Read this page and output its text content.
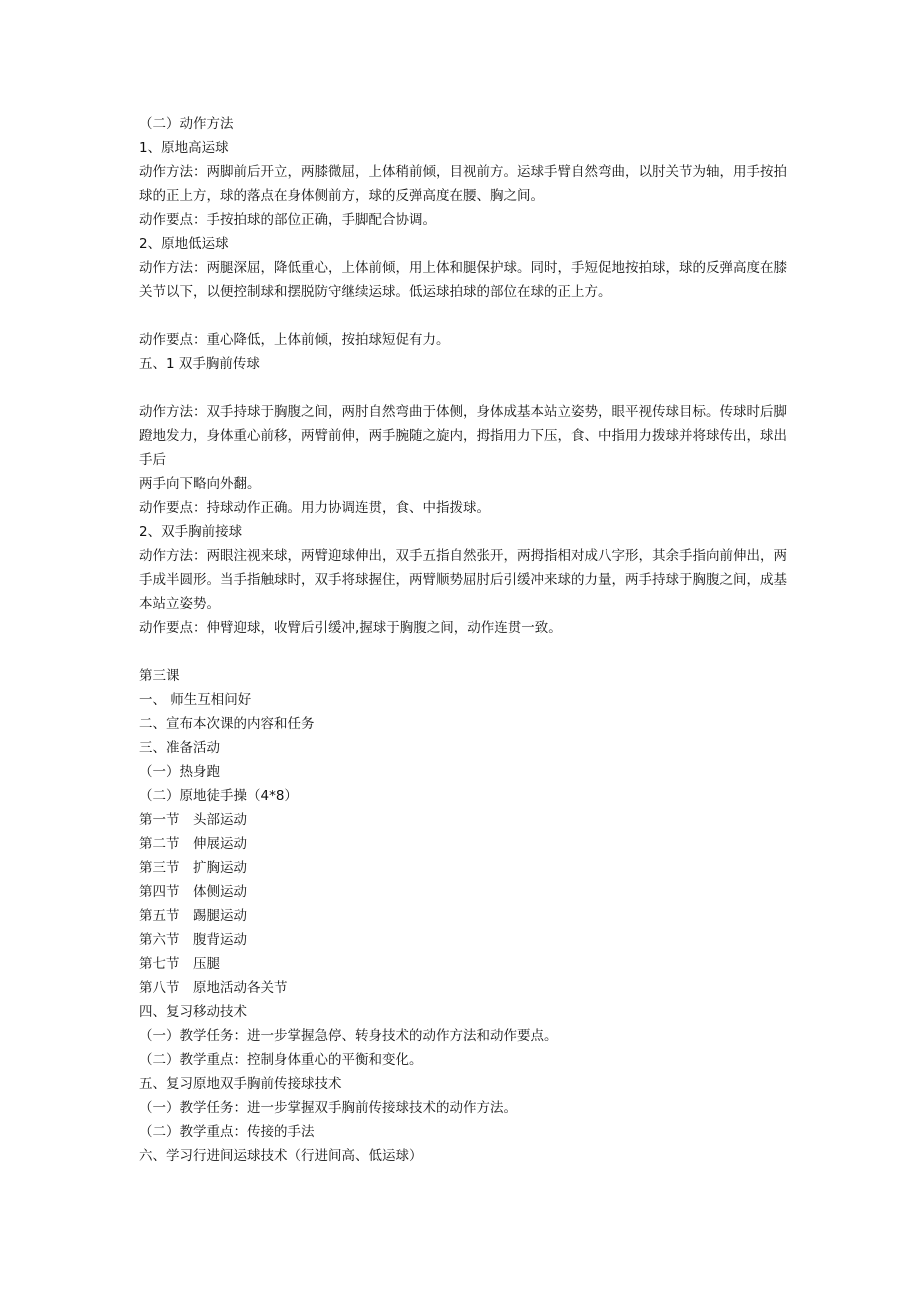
（二）动作方法

1、原地高运球

动作方法：两脚前后开立，两膝微屈，上体稍前倾，目视前方。运球手臂自然弯曲，以肘关节为轴，用手按拍球的正上方，球的落点在身体侧前方，球的反弹高度在腰、胸之间。

动作要点：手按拍球的部位正确，手脚配合协调。

2、原地低运球

动作方法：两腿深屈，降低重心，上体前倾，用上体和腿保护球。同时，手短促地按拍球，球的反弹高度在膝关节以下，以便控制球和摆脱防守继续运球。低运球拍球的部位在球的正上方。

动作要点：重心降低，上体前倾，按拍球短促有力。

五、1 双手胸前传球

动作方法：双手持球于胸腹之间，两肘自然弯曲于体侧，身体成基本站立姿势，眼平视传球目标。传球时后脚蹬地发力，身体重心前移，两臂前伸，两手腕随之旋内，拇指用力下压，食、中指用力拨球并将球传出，球出手后

两手向下略向外翻。

动作要点：持球动作正确。用力协调连贯，食、中指拨球。

2、双手胸前接球

动作方法：两眼注视来球，两臂迎球伸出，双手五指自然张开，两拇指相对成八字形，其余手指向前伸出，两手成半圆形。当手指触球时，双手将球握住，两臂顺势屈肘后引缓冲来球的力量，两手持球于胸腹之间，成基本站立姿势。

动作要点：伸臂迎球，收臂后引缓冲,握球于胸腹之间，动作连贯一致。

第三课

一、 师生互相问好

二、宣布本次课的内容和任务

三、准备活动

（一）热身跑

（二）原地徒手操（4*8）

第一节　头部运动

第二节　伸展运动

第三节　扩胸运动

第四节　体侧运动

第五节　踢腿运动

第六节　腹背运动

第七节　压腿

第八节　原地活动各关节

四、复习移动技术

（一）教学任务：进一步掌握急停、转身技术的动作方法和动作要点。

（二）教学重点：控制身体重心的平衡和变化。

五、复习原地双手胸前传接球技术

（一）教学任务：进一步掌握双手胸前传接球技术的动作方法。

（二）教学重点：传接的手法

六、学习行进间运球技术（行进间高、低运球）
